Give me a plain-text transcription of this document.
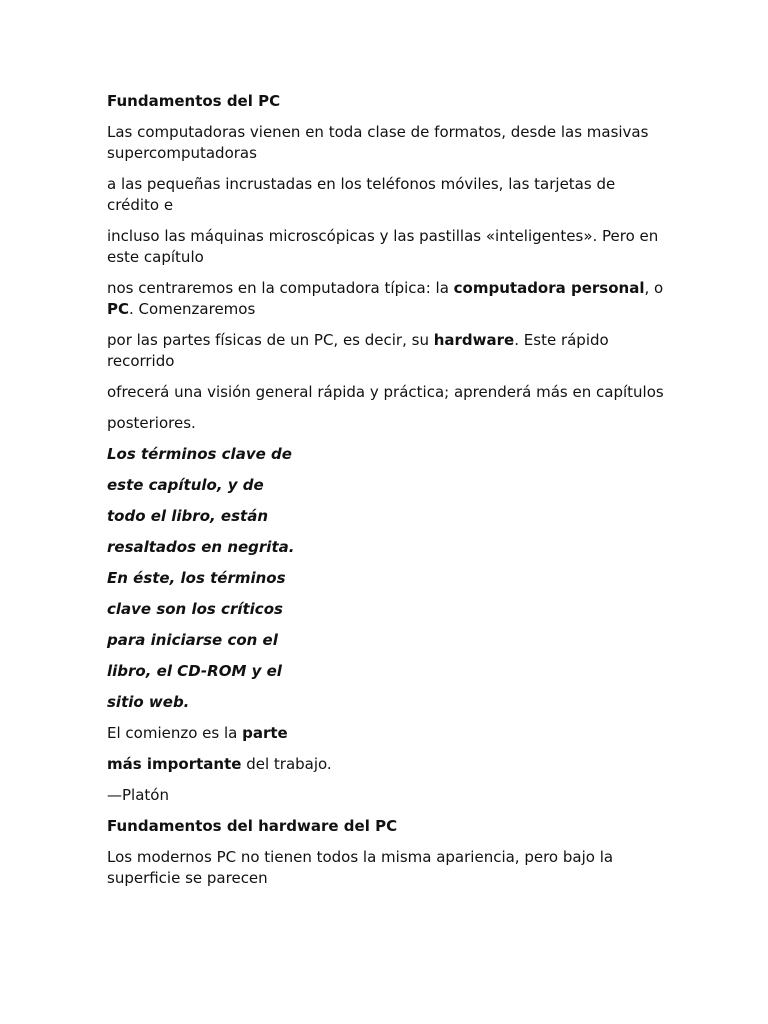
Fundamentos del PC

Las computadoras vienen en toda clase de formatos, desde las masivas supercomputadoras

a las pequeñas incrustadas en los teléfonos móviles, las tarjetas de crédito e

incluso las máquinas microscópicas y las pastillas «inteligentes». Pero en este capítulo

nos centraremos en la computadora típica: la computadora personal, o PC. Comenzaremos

por las partes físicas de un PC, es decir, su hardware. Este rápido recorrido

ofrecerá una visión general rápida y práctica; aprenderá más en capítulos

posteriores.

Los términos clave de

este capítulo, y de

todo el libro, están

resaltados en negrita.

En éste, los términos

clave son los críticos

para iniciarse con el

libro, el CD-ROM y el

sitio web.

El comienzo es la parte

más importante del trabajo.

—Platón

Fundamentos del hardware del PC

Los modernos PC no tienen todos la misma apariencia, pero bajo la superficie se parecen
